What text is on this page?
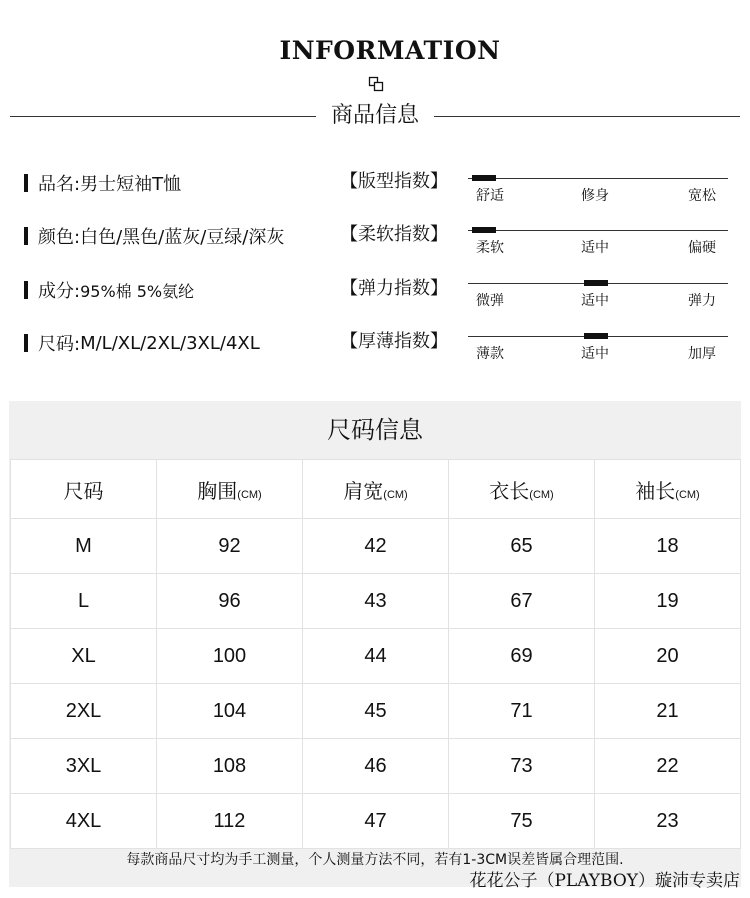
INFORMATION
商品信息
品名: 男士短袖T恤
颜色: 白色/黑色/蓝灰/豆绿/深灰
成分: 95%棉 5%氨纶
尺码: M/L/XL/2XL/3XL/4XL
【版型指数】
舒适	修身	宽松
【柔软指数】
柔软	适中	偏硬
【弹力指数】
微弹	适中	弹力
【厚薄指数】
薄款	适中	加厚
尺码信息
尺码	胸围(CM)	肩宽(CM)	衣长(CM)	袖长(CM)
M	92	42	65	18
L	96	43	67	19
XL	100	44	69	20
2XL	104	45	71	21
3XL	108	46	73	22
4XL	112	47	75	23
每款商品尺寸均为手工测量，个人测量方法不同，若有1-3CM误差皆属合理范围.
花花公子（PLAYBOY）璇沛专卖店
